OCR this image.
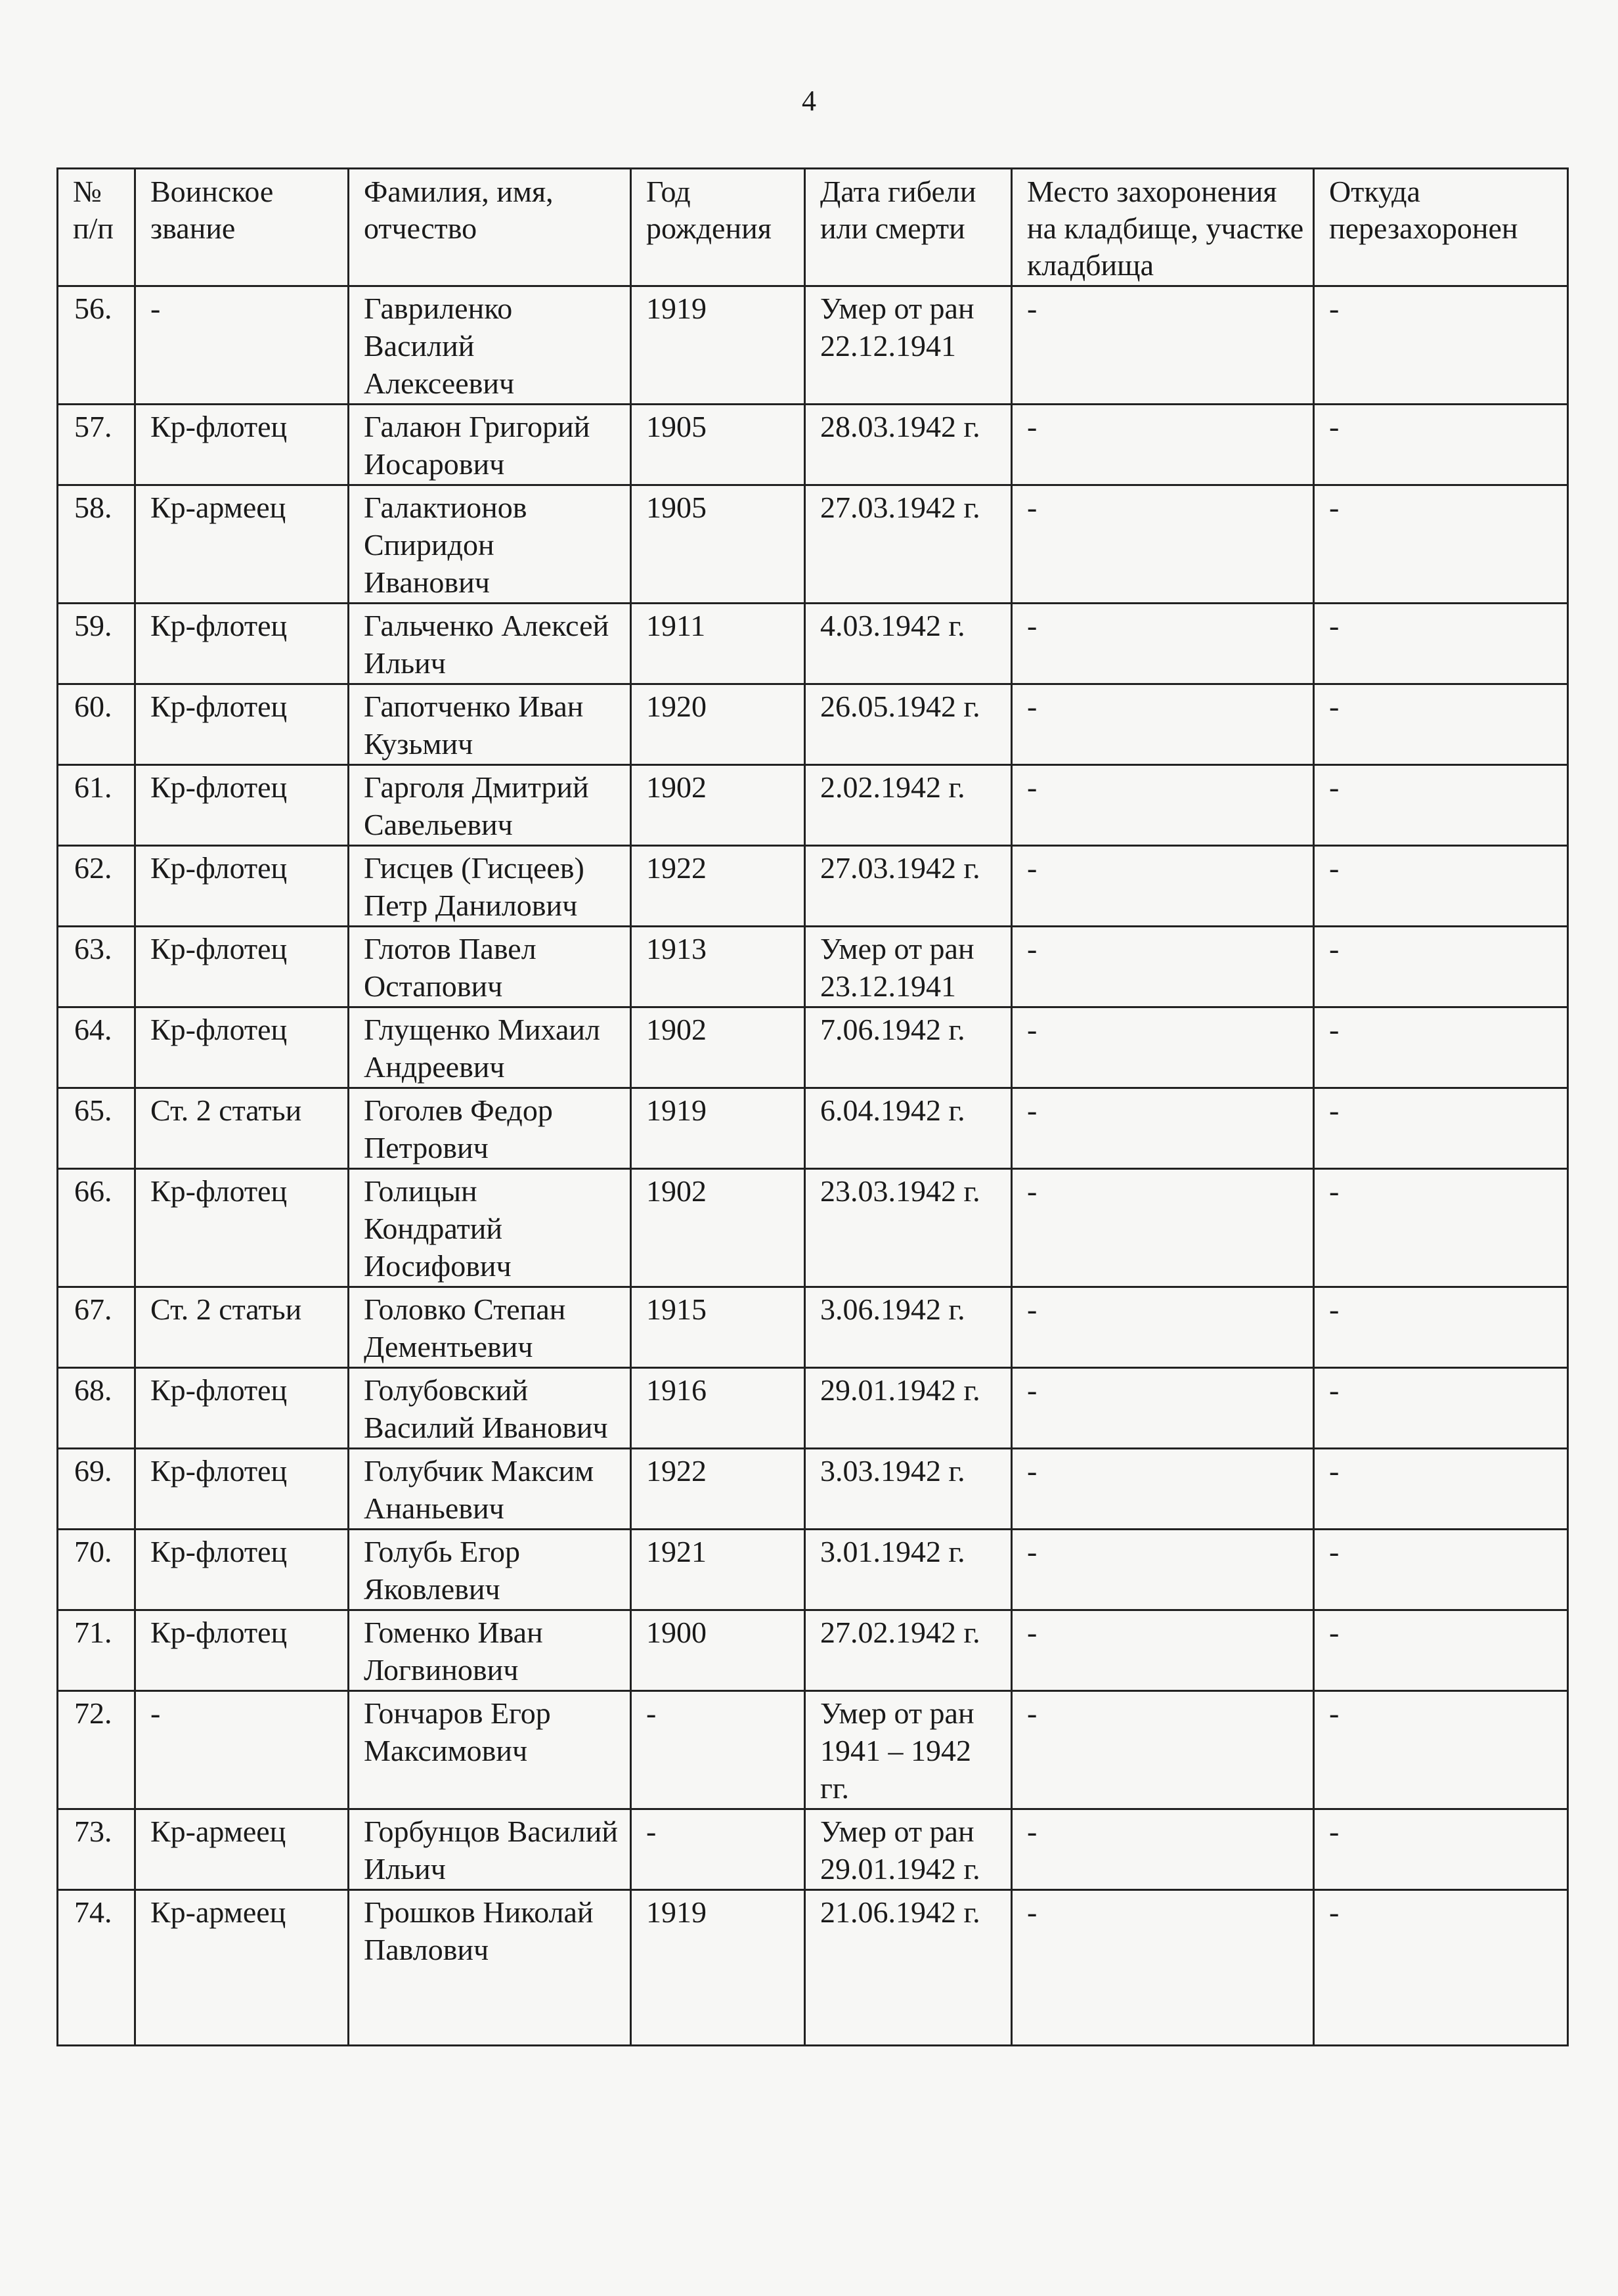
4
№ п/п	Воинское звание	Фамилия, имя, отчество	Год рождения	Дата гибели или смерти	Место захоронения на кладбище, участке кладбища	Откуда перезахоронен
56.	-	Гавриленко Василий Алексеевич	1919	Умер от ран 22.12.1941	-	-
57.	Кр-флотец	Галаюн Григорий Иосарович	1905	28.03.1942 г.	-	-
58.	Кр-армеец	Галактионов Спиридон Иванович	1905	27.03.1942 г.	-	-
59.	Кр-флотец	Гальченко Алексей Ильич	1911	4.03.1942 г.	-	-
60.	Кр-флотец	Гапотченко Иван Кузьмич	1920	26.05.1942 г.	-	-
61.	Кр-флотец	Гарголя Дмитрий Савельевич	1902	2.02.1942 г.	-	-
62.	Кр-флотец	Гисцев (Гисцеев) Петр Данилович	1922	27.03.1942 г.	-	-
63.	Кр-флотец	Глотов Павел Остапович	1913	Умер от ран 23.12.1941	-	-
64.	Кр-флотец	Глущенко Михаил Андреевич	1902	7.06.1942 г.	-	-
65.	Ст. 2 статьи	Гоголев Федор Петрович	1919	6.04.1942 г.	-	-
66.	Кр-флотец	Голицын Кондратий Иосифович	1902	23.03.1942 г.	-	-
67.	Ст. 2 статьи	Головко Степан Дементьевич	1915	3.06.1942 г.	-	-
68.	Кр-флотец	Голубовский Василий Иванович	1916	29.01.1942 г.	-	-
69.	Кр-флотец	Голубчик Максим Ананьевич	1922	3.03.1942 г.	-	-
70.	Кр-флотец	Голубь Егор Яковлевич	1921	3.01.1942 г.	-	-
71.	Кр-флотец	Гоменко Иван Логвинович	1900	27.02.1942 г.	-	-
72.	-	Гончаров Егор Максимович	-	Умер от ран 1941 – 1942 гг.	-	-
73.	Кр-армеец	Горбунцов Василий Ильич	-	Умер от ран 29.01.1942 г.	-	-
74.	Кр-армеец	Грошков Николай Павлович	1919	21.06.1942 г.	-	-
